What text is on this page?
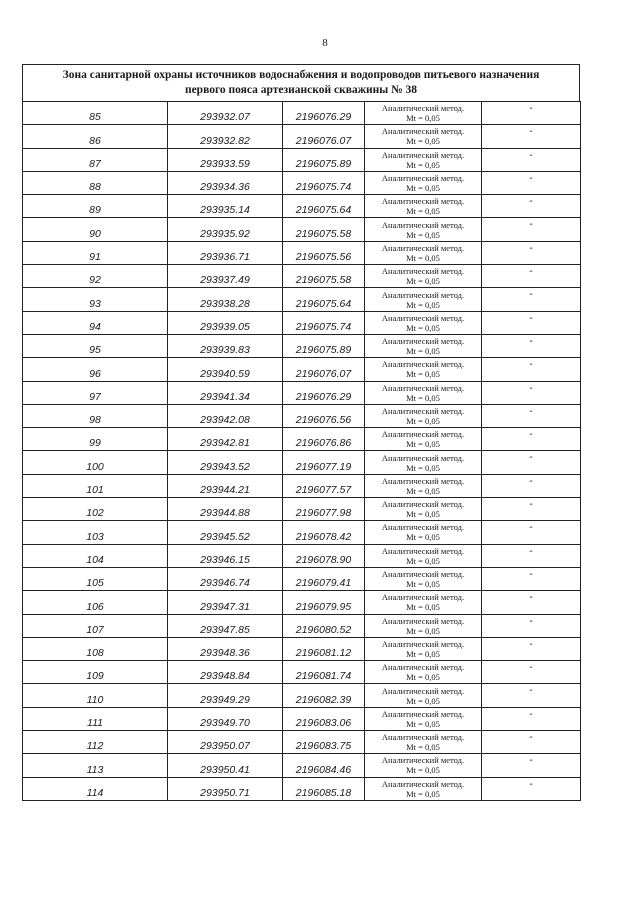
8
Зона санитарной охраны источников водоснабжения и водопроводов питьевого назначения
первого пояса артезианской скважины № 38
85	293932.07	2196076.29	Аналитический метод.
Mt = 0,05	-
86	293932.82	2196076.07	Аналитический метод.
Mt = 0,05	-
87	293933.59	2196075.89	Аналитический метод.
Mt = 0,05	-
88	293934.36	2196075.74	Аналитический метод.
Mt = 0,05	-
89	293935.14	2196075.64	Аналитический метод.
Mt = 0,05	-
90	293935.92	2196075.58	Аналитический метод.
Mt = 0,05	-
91	293936.71	2196075.56	Аналитический метод.
Mt = 0,05	-
92	293937.49	2196075.58	Аналитический метод.
Mt = 0,05	-
93	293938.28	2196075.64	Аналитический метод.
Mt = 0,05	-
94	293939.05	2196075.74	Аналитический метод.
Mt = 0,05	-
95	293939.83	2196075.89	Аналитический метод.
Mt = 0,05	-
96	293940.59	2196076.07	Аналитический метод.
Mt = 0,05	-
97	293941.34	2196076.29	Аналитический метод.
Mt = 0,05	-
98	293942.08	2196076.56	Аналитический метод.
Mt = 0,05	-
99	293942.81	2196076.86	Аналитический метод.
Mt = 0,05	-
100	293943.52	2196077.19	Аналитический метод.
Mt = 0,05	-
101	293944.21	2196077.57	Аналитический метод.
Mt = 0,05	-
102	293944.88	2196077.98	Аналитический метод.
Mt = 0,05	-
103	293945.52	2196078.42	Аналитический метод.
Mt = 0,05	-
104	293946.15	2196078.90	Аналитический метод.
Mt = 0,05	-
105	293946.74	2196079.41	Аналитический метод.
Mt = 0,05	-
106	293947.31	2196079.95	Аналитический метод.
Mt = 0,05	-
107	293947.85	2196080.52	Аналитический метод.
Mt = 0,05	-
108	293948.36	2196081.12	Аналитический метод.
Mt = 0,05	-
109	293948.84	2196081.74	Аналитический метод.
Mt = 0,05	-
110	293949.29	2196082.39	Аналитический метод.
Mt = 0,05	-
111	293949.70	2196083.06	Аналитический метод.
Mt = 0,05	-
112	293950.07	2196083.75	Аналитический метод.
Mt = 0,05	-
113	293950.41	2196084.46	Аналитический метод.
Mt = 0,05	-
114	293950.71	2196085.18	Аналитический метод.
Mt = 0,05	-
